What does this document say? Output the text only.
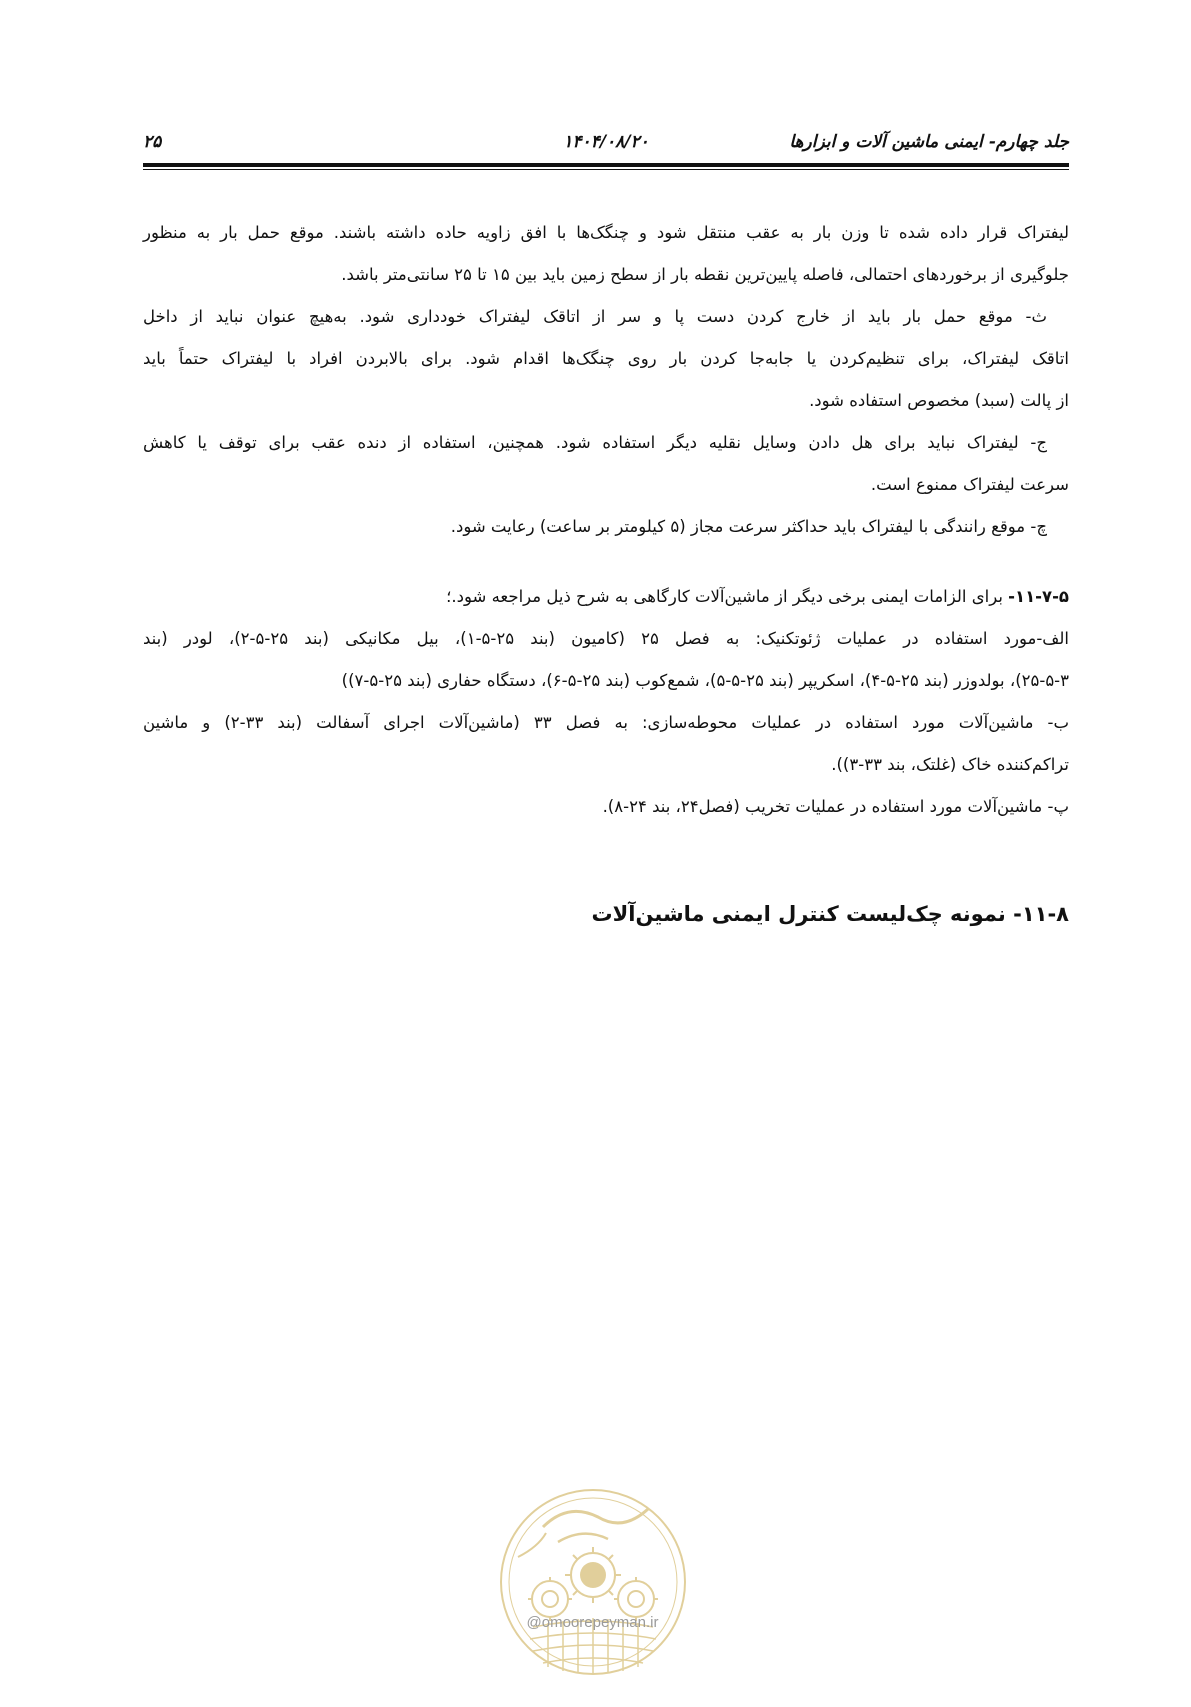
جلد چهارم- ایمنی ماشین آلات و ابزارها
۱۴۰۴/۰۸/۲۰
۲۵
لیفتراک قرار داده شده تا وزن بار به عقب منتقل شود و چنگک‌ها با افق زاویه حاده داشته باشند. موقع حمل بار به منظور
جلوگیری از برخوردهای احتمالی، فاصله پایین‌ترین نقطه بار از سطح زمین باید بین ۱۵ تا ۲۵ سانتی‌متر باشد.
ث- موقع حمل بار باید از خارج کردن دست پا و سر از اتاقک لیفتراک خودداری شود. به‌هیچ عنوان نباید از داخل
اتاقک لیفتراک، برای تنظیم‌کردن یا جابه‌جا کردن بار روی چنگک‌ها اقدام شود. برای بالابردن افراد با لیفتراک حتماً باید
از پالت (سبد) مخصوص استفاده شود.
ج- لیفتراک نباید برای هل دادن وسایل نقلیه دیگر استفاده شود. همچنین، استفاده از دنده عقب برای توقف یا کاهش
سرعت لیفتراک ممنوع است.
چ- موقع رانندگی با لیفتراک باید حداکثر سرعت مجاز (۵ کیلومتر بر ساعت) رعایت شود.
۱۱-۷-۵- برای الزامات ایمنی برخی دیگر از ماشین‌آلات کارگاهی به شرح ذیل مراجعه شود.؛
الف-مورد استفاده در عملیات ژئوتکنیک: به فصل ۲۵ (کامیون (بند ۲۵-۵-۱)، بیل مکانیکی (بند ۲۵-۵-۲)، لودر (بند
۲۵-۵-۳)، بولدوزر (بند ۲۵-۵-۴)، اسکریپر (بند ۲۵-۵-۵)، شمع‌کوب (بند ۲۵-۵-۶)، دستگاه حفاری (بند ۲۵-۵-۷))
ب- ماشین‌آلات مورد استفاده در عملیات محوطه‌سازی: به فصل ۳۳ (ماشین‌آلات اجرای آسفالت (بند ۳۳-۲) و ماشین
تراکم‌کننده خاک (غلتک، بند ۳۳-۳)).
پ- ماشین‌آلات مورد استفاده در عملیات تخریب (فصل۲۴، بند ۲۴-۸).
۱۱-۸- نمونه چک‌لیست کنترل ایمنی ماشین‌آلات
@omoorepeyman.ir
